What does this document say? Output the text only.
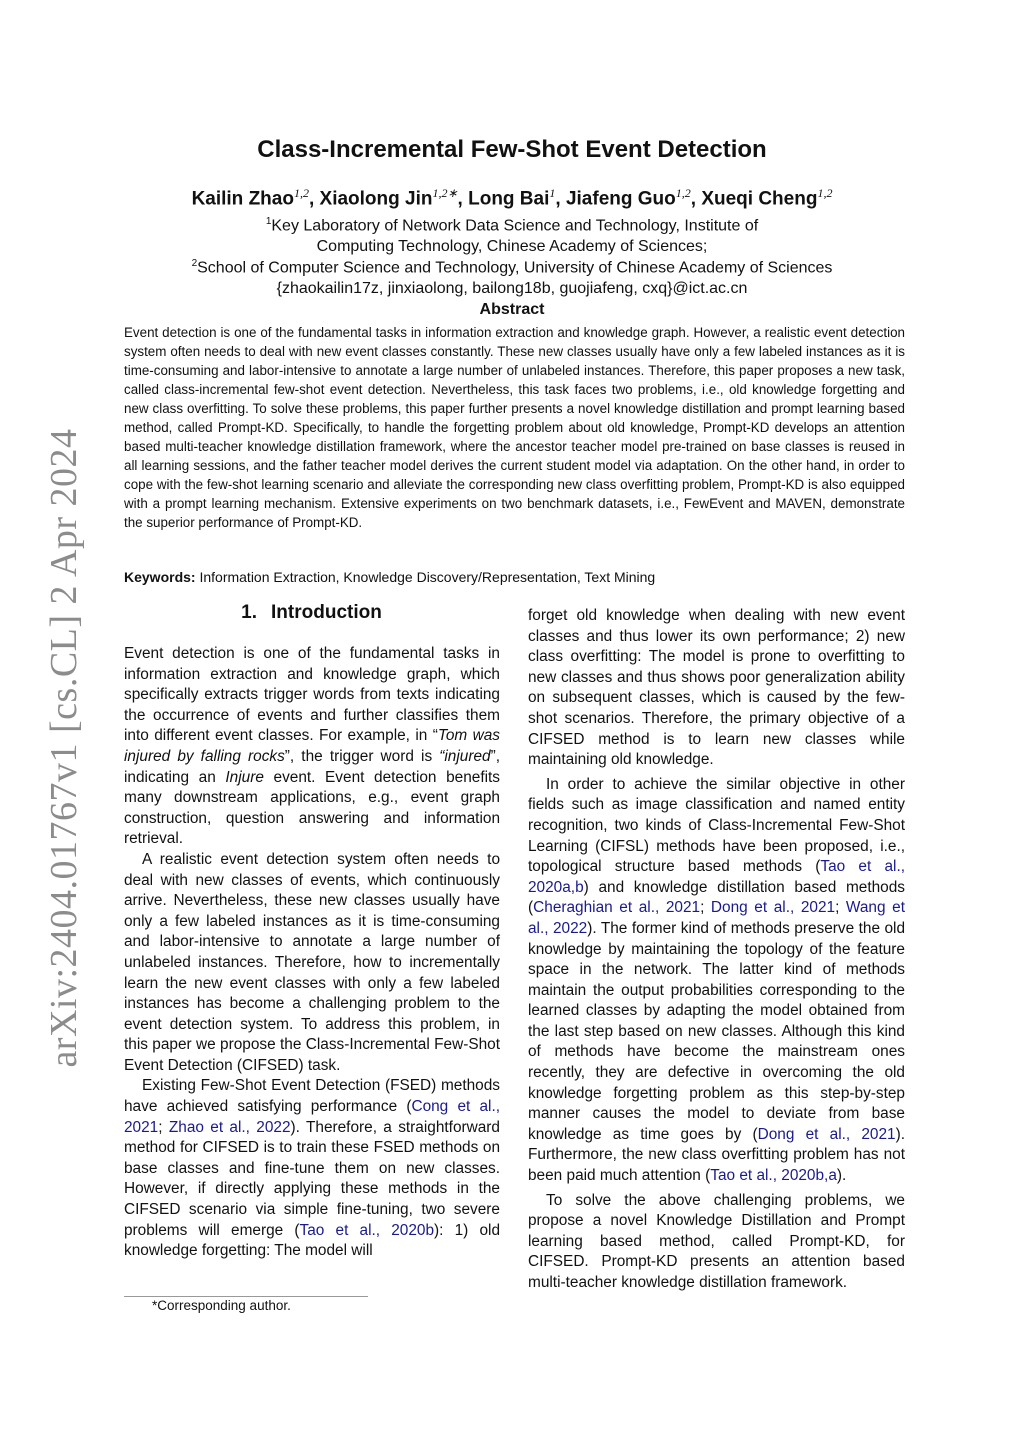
arXiv:2404.01767v1 [cs.CL] 2 Apr 2024
Class-Incremental Few-Shot Event Detection
Kailin Zhao$^{1,2}$, Xiaolong Jin$^{1,2∗}$, Long Bai$^1$, Jiafeng Guo$^{1,2}$, Xueqi Cheng$^{1,2}$
$^1$Key Laboratory of Network Data Science and Technology, Institute of
Computing Technology, Chinese Academy of Sciences;
$^2$School of Computer Science and Technology, University of Chinese Academy of Sciences
{zhaokailin17z, jinxiaolong, bailong18b, guojiafeng, cxq}@ict.ac.cn
Abstract
Event detection is one of the fundamental tasks in information extraction and knowledge graph. However, a realistic event detection system often needs to deal with new event classes constantly. These new classes usually have only a few labeled instances as it is time-consuming and labor-intensive to annotate a large number of unlabeled instances. Therefore, this paper proposes a new task, called class-incremental few-shot event detection. Nevertheless, this task faces two problems, i.e., old knowledge forgetting and new class overfitting. To solve these problems, this paper further presents a novel knowledge distillation and prompt learning based method, called Prompt-KD. Specifically, to handle the forgetting problem about old knowledge, Prompt-KD develops an attention based multi-teacher knowledge distillation framework, where the ancestor teacher model pre-trained on base classes is reused in all learning sessions, and the father teacher model derives the current student model via adaptation. On the other hand, in order to cope with the few-shot learning scenario and alleviate the corresponding new class overfitting problem, Prompt-KD is also equipped with a prompt learning mechanism. Extensive experiments on two benchmark datasets, i.e., FewEvent and MAVEN, demonstrate the superior performance of Prompt-KD.
Keywords: Information Extraction, Knowledge Discovery/Representation, Text Mining
1. Introduction

Event detection is one of the fundamental tasks in information extraction and knowledge graph, which specifically extracts trigger words from texts indicating the occurrence of events and further classifies them into different event classes. For example, in “Tom was injured by falling rocks”, the trigger word is “injured”, indicating an Injure event. Event detection benefits many downstream applications, e.g., event graph construction, question answering and information retrieval.

A realistic event detection system often needs to deal with new classes of events, which continuously arrive. Nevertheless, these new classes usually have only a few labeled instances as it is time-consuming and labor-intensive to annotate a large number of unlabeled instances. Therefore, how to incrementally learn the new event classes with only a few labeled instances has become a challenging problem to the event detection system. To address this problem, in this paper we propose the Class-Incremental Few-Shot Event Detection (CIFSED) task.

Existing Few-Shot Event Detection (FSED) methods have achieved satisfying performance (Cong et al., 2021; Zhao et al., 2022). Therefore, a straightforward method for CIFSED is to train these FSED methods on base classes and fine-tune them on new classes. However, if directly applying these methods in the CIFSED scenario via simple fine-tuning, two severe problems will emerge (Tao et al., 2020b): 1) old knowledge forgetting: The model will

forget old knowledge when dealing with new event classes and thus lower its own performance; 2) new class overfitting: The model is prone to overfitting to new classes and thus shows poor generalization ability on subsequent classes, which is caused by the few-shot scenarios. Therefore, the primary objective of a CIFSED method is to learn new classes while maintaining old knowledge.

In order to achieve the similar objective in other fields such as image classification and named entity recognition, two kinds of Class-Incremental Few-Shot Learning (CIFSL) methods have been proposed, i.e., topological structure based methods (Tao et al., 2020a,b) and knowledge distillation based methods (Cheraghian et al., 2021; Dong et al., 2021; Wang et al., 2022). The former kind of methods preserve the old knowledge by maintaining the topology of the feature space in the network. The latter kind of methods maintain the output probabilities corresponding to the learned classes by adapting the model obtained from the last step based on new classes. Although this kind of methods have become the mainstream ones recently, they are defective in overcoming the old knowledge forgetting problem as this step-by-step manner causes the model to deviate from base knowledge as time goes by (Dong et al., 2021). Furthermore, the new class overfitting problem has not been paid much attention (Tao et al., 2020b,a).

To solve the above challenging problems, we propose a novel Knowledge Distillation and Prompt learning based method, called Prompt-KD, for CIFSED. Prompt-KD presents an attention based multi-teacher knowledge distillation framework.

*Corresponding author.
